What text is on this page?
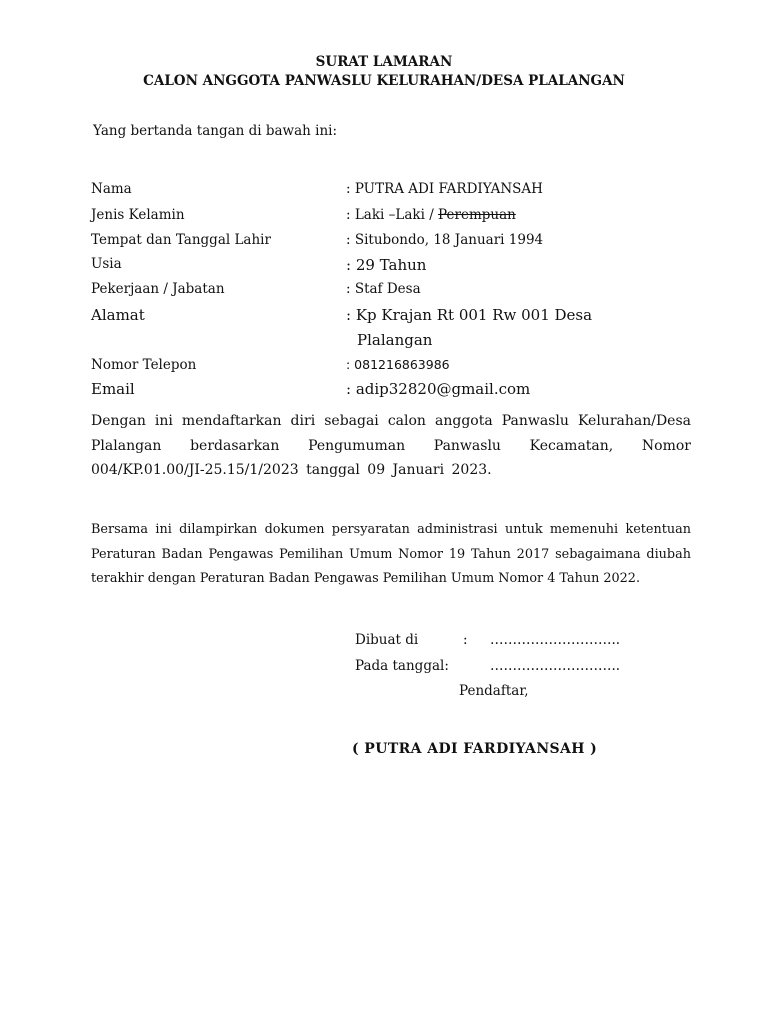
SURAT LAMARAN
CALON ANGGOTA PANWASLU KELURAHAN/DESA PLALANGAN
Yang bertanda tangan di bawah ini:
Nama	: PUTRA ADI FARDIYANSAH
Jenis Kelamin	: Laki –Laki / Perempuan
Tempat dan Tanggal Lahir	: Situbondo, 18 Januari 1994
Usia	: 29 Tahun
Pekerjaan / Jabatan	: Staf Desa
Alamat	: Kp Krajan Rt 001 Rw 001 Desa
Plalangan
Nomor Telepon	: 081216863986
Email	: adip32820@gmail.com
Dengan ini mendaftarkan diri sebagai calon anggota Panwaslu Kelurahan/Desa Plalangan berdasarkan Pengumuman Panwaslu Kecamatan, Nomor 004/KP.01.00/JI-25.15/1/2023 tanggal 09 Januari 2023.
Bersama ini dilampirkan dokumen persyaratan administrasi untuk memenuhi ketentuan Peraturan Badan Pengawas Pemilihan Umum Nomor 19 Tahun 2017 sebagaimana diubah terakhir dengan Peraturan Badan Pengawas Pemilihan Umum Nomor 4 Tahun 2022.
Dibuat di	: ………………………..
Pada tanggal:	………………………..
Pendaftar,
( PUTRA ADI FARDIYANSAH )
